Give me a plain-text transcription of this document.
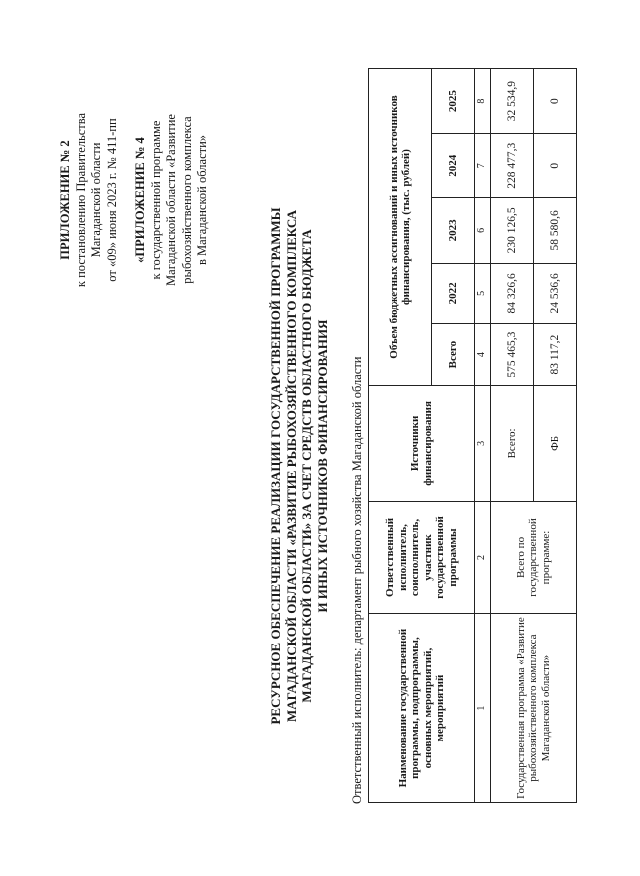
ПРИЛОЖЕНИЕ № 2 к постановлению Правительства Магаданской области от «09» июня 2023 г. № 411-пп «ПРИЛОЖЕНИЕ № 4 к государственной программе Магаданской области «Развитие рыбохозяйственного комплекса в Магаданской области»
РЕСУРСНОЕ ОБЕСПЕЧЕНИЕ РЕАЛИЗАЦИИ ГОСУДАРСТВЕННОЙ ПРОГРАММЫ МАГАДАНСКОЙ ОБЛАСТИ «РАЗВИТИЕ РЫБОХОЗЯЙСТВЕННОГО КОМПЛЕКСА МАГАДАНСКОЙ ОБЛАСТИ» ЗА СЧЕТ СРЕДСТВ ОБЛАСТНОГО БЮДЖЕТА И ИНЫХ ИСТОЧНИКОВ ФИНАНСИРОВАНИЯ Ответственный исполнитель: департамент рыбного хозяйства Магаданской области	Наименование государственной программы, подпрограммы, основных мероприятий, мероприятий	Ответственный исполнитель, соисполнитель, участник государственной программы	Источники финансирования	Объем бюджетных ассигнований и иных источников финансирования, (тыс. рублей)				
			Всего	2022	2023	2024	2025
1	2	3	4	5	6	7	8
Государственная программа «Развитие рыбохозяйственного комплекса Магаданской области»	Всего по государственной программе:	Всего:	575 465,3	84 326,6	230 126,5	228 477,3	32 534,9
		ФБ	83 117,2	24 536,6	58 580,6	0	0
